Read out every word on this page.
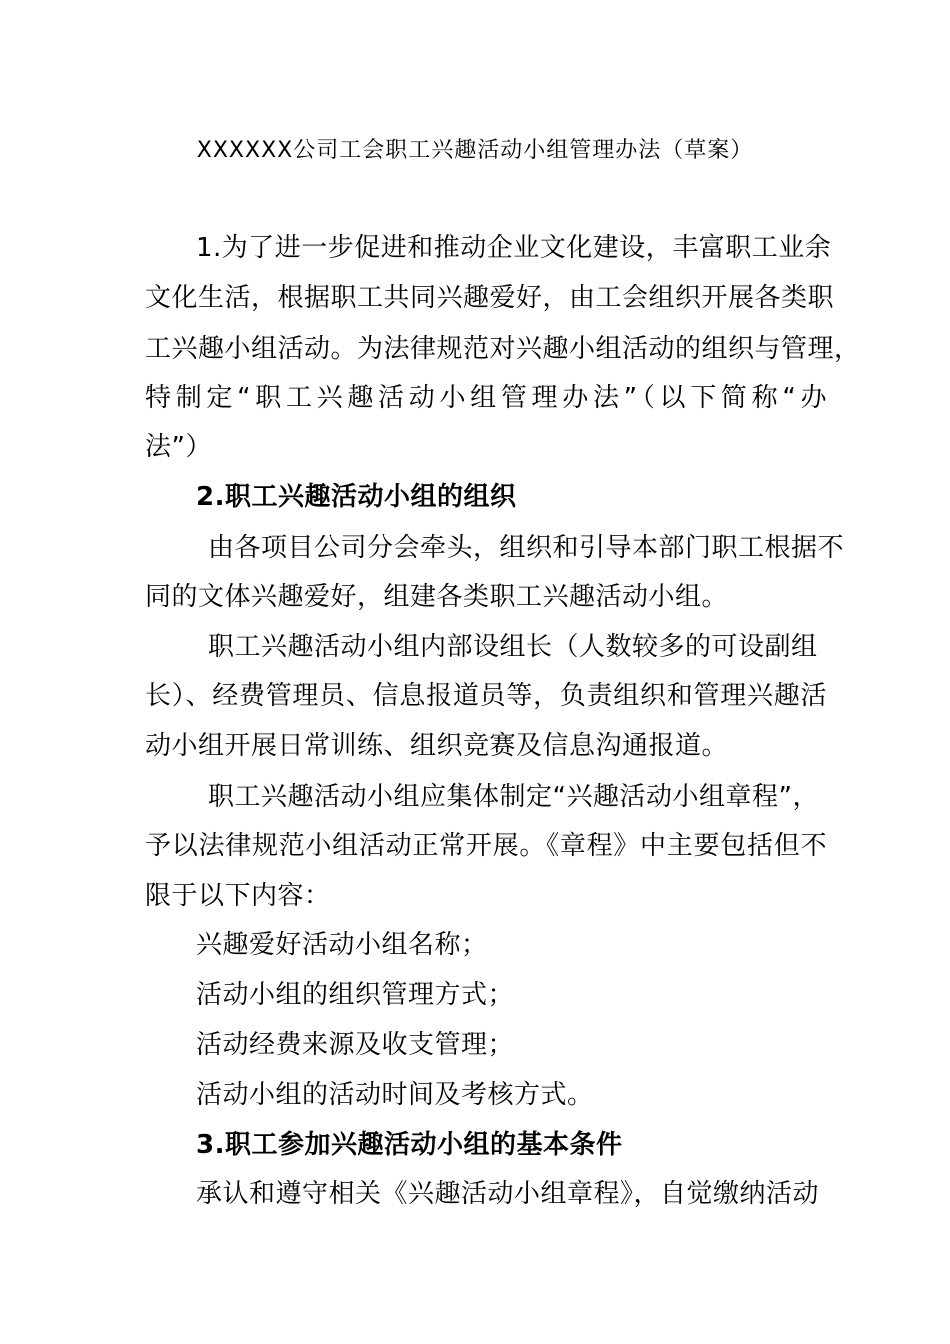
XXXXXX公司工会职工兴趣活动小组管理办法（草案）
1.为了进一步促进和推动企业文化建设，丰富职工业余
文化生活，根据职工共同兴趣爱好，由工会组织开展各类职
工兴趣小组活动。为法律规范对兴趣小组活动的组织与管理，
特制定“职工兴趣活动小组管理办法”（以下简称“办
法”）
2.职工兴趣活动小组的组织
由各项目公司分会牵头，组织和引导本部门职工根据不
同的文体兴趣爱好，组建各类职工兴趣活动小组。
职工兴趣活动小组内部设组长（人数较多的可设副组
长）、经费管理员、信息报道员等，负责组织和管理兴趣活
动小组开展日常训练、组织竞赛及信息沟通报道。
职工兴趣活动小组应集体制定“兴趣活动小组章程”，
予以法律规范小组活动正常开展。《章程》中主要包括但不
限于以下内容：
兴趣爱好活动小组名称；
活动小组的组织管理方式；
活动经费来源及收支管理；
活动小组的活动时间及考核方式。
3.职工参加兴趣活动小组的基本条件
承认和遵守相关《兴趣活动小组章程》，自觉缴纳活动
